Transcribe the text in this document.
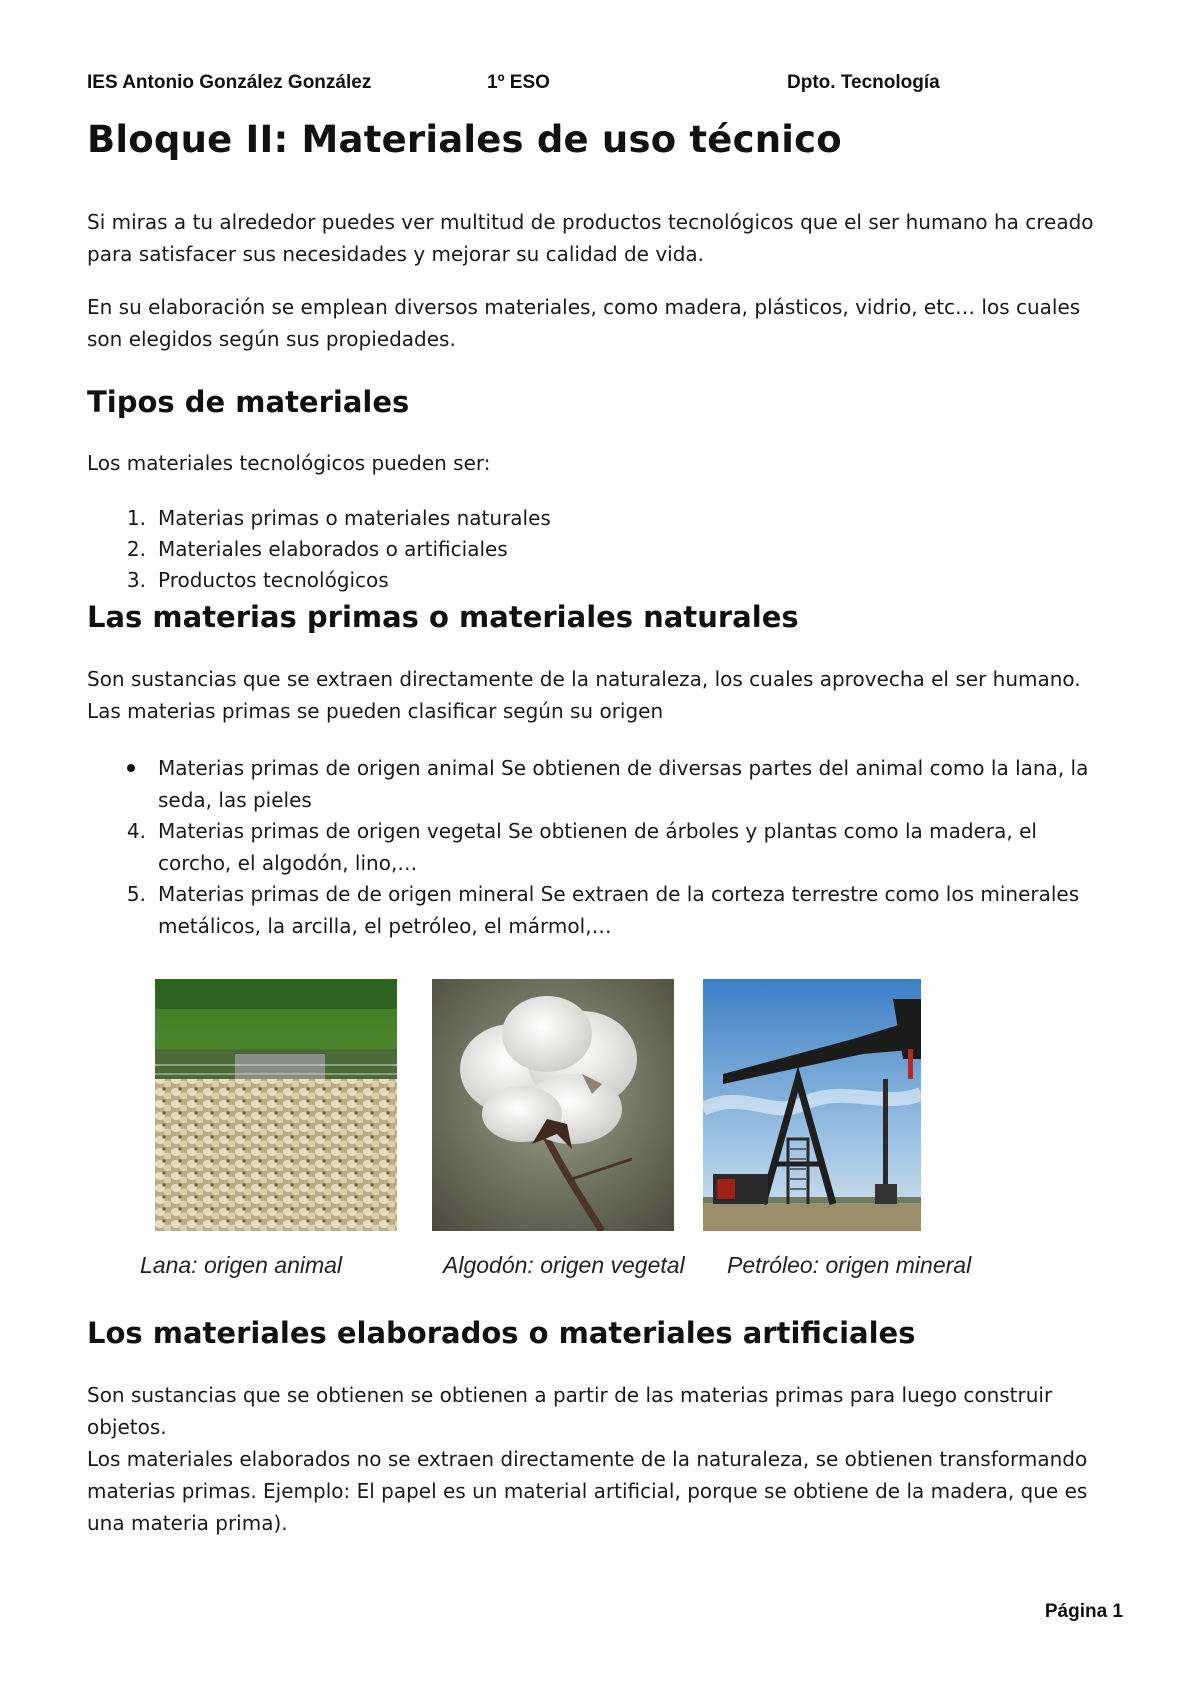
IES Antonio González González	1º ESO	Dpto. Tecnología
Bloque II: Materiales de uso técnico

Si miras a tu alrededor puedes ver multitud de productos tecnológicos que el ser humano ha creado
para satisfacer sus necesidades y mejorar su calidad de vida.

En su elaboración se emplean diversos materiales, como madera, plásticos, vidrio, etc… los cuales
son elegidos según sus propiedades.

Tipos de materiales

Los materiales tecnológicos pueden ser:

1. Materias primas o materiales naturales
2. Materiales elaborados o artificiales
3. Productos tecnológicos
Las materias primas o materiales naturales

Son sustancias que se extraen directamente de la naturaleza, los cuales aprovecha el ser humano.
Las materias primas se pueden clasificar según su origen

Materias primas de origen animal Se obtienen de diversas partes del animal como la lana, la
seda, las pieles
4. Materias primas de origen vegetal Se obtienen de árboles y plantas como la madera, el
corcho, el algodón, lino,…
5. Materias primas de de origen mineral Se extraen de la corteza terrestre como los minerales
metálicos, la arcilla, el petróleo, el mármol,…
Lana: origen animal	Algodón: origen vegetal Petróleo: origen mineral
Los materiales elaborados o materiales artificiales

Son sustancias que se obtienen se obtienen a partir de las materias primas para luego construir
objetos.
Los materiales elaborados no se extraen directamente de la naturaleza, se obtienen transformando
materias primas. Ejemplo: El papel es un material artificial, porque se obtiene de la madera, que es
una materia prima).

Página 1
